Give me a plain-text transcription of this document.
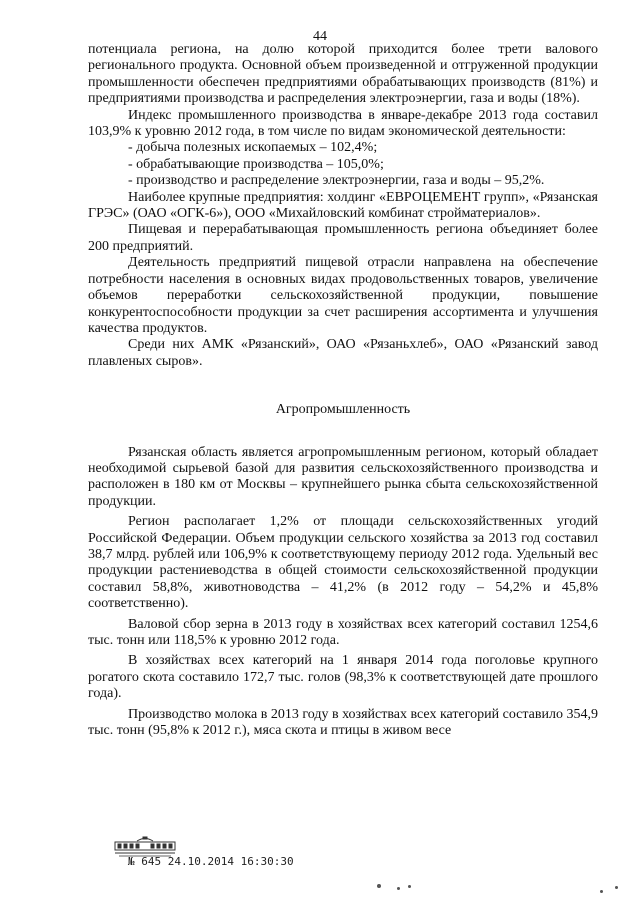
44

потенциала региона, на долю которой приходится более трети валового регионального продукта. Основной объем произведенной и отгруженной продукции промышленности обеспечен предприятиями обрабатывающих производств (81%) и предприятиями производства и распределения электроэнергии, газа и воды (18%).

Индекс промышленного производства в январе-декабре 2013 года составил 103,9% к уровню 2012 года, в том числе по видам экономической деятельности:

- добыча полезных ископаемых – 102,4%;

- обрабатывающие производства – 105,0%;

- производство и распределение электроэнергии, газа и воды – 95,2%.

Наиболее крупные предприятия: холдинг «ЕВРОЦЕМЕНТ групп», «Рязанская ГРЭС» (ОАО «ОГК-6»), ООО «Михайловский комбинат стройматериалов».

Пищевая и перерабатывающая промышленность региона объединяет более 200 предприятий.

Деятельность предприятий пищевой отрасли направлена на обеспечение потребности населения в основных видах продовольственных товаров, увеличение объемов переработки сельскохозяйственной продукции, повышение конкурентоспособности продукции за счет расширения ассортимента и улучшения качества продуктов.

Среди них АМК «Рязанский», ОАО «Рязаньхлеб», ОАО «Рязанский завод плавленых сыров».

Агропромышленность

Рязанская область является агропромышленным регионом, который обладает необходимой сырьевой базой для развития сельскохозяйственного производства и расположен в 180 км от Москвы – крупнейшего рынка сбыта сельскохозяйственной продукции.

Регион располагает 1,2% от площади сельскохозяйственных угодий Российской Федерации. Объем продукции сельского хозяйства за 2013 год составил 38,7 млрд. рублей или 106,9% к соответствующему периоду 2012 года. Удельный вес продукции растениеводства в общей стоимости сельскохозяйственной продукции составил 58,8%, животноводства – 41,2% (в 2012 году – 54,2% и 45,8% соответственно).

Валовой сбор зерна в 2013 году в хозяйствах всех категорий составил 1254,6 тыс. тонн или 118,5% к уровню 2012 года.

В хозяйствах всех категорий на 1 января 2014 года поголовье крупного рогатого скота составило 172,7 тыс. голов (98,3% к соответствующей дате прошлого года).

Производство молока в 2013 году в хозяйствах всех категорий составило 354,9 тыс. тонн (95,8% к 2012 г.), мяса скота и птицы в живом весе

№ 645 24.10.2014 16:30:30
